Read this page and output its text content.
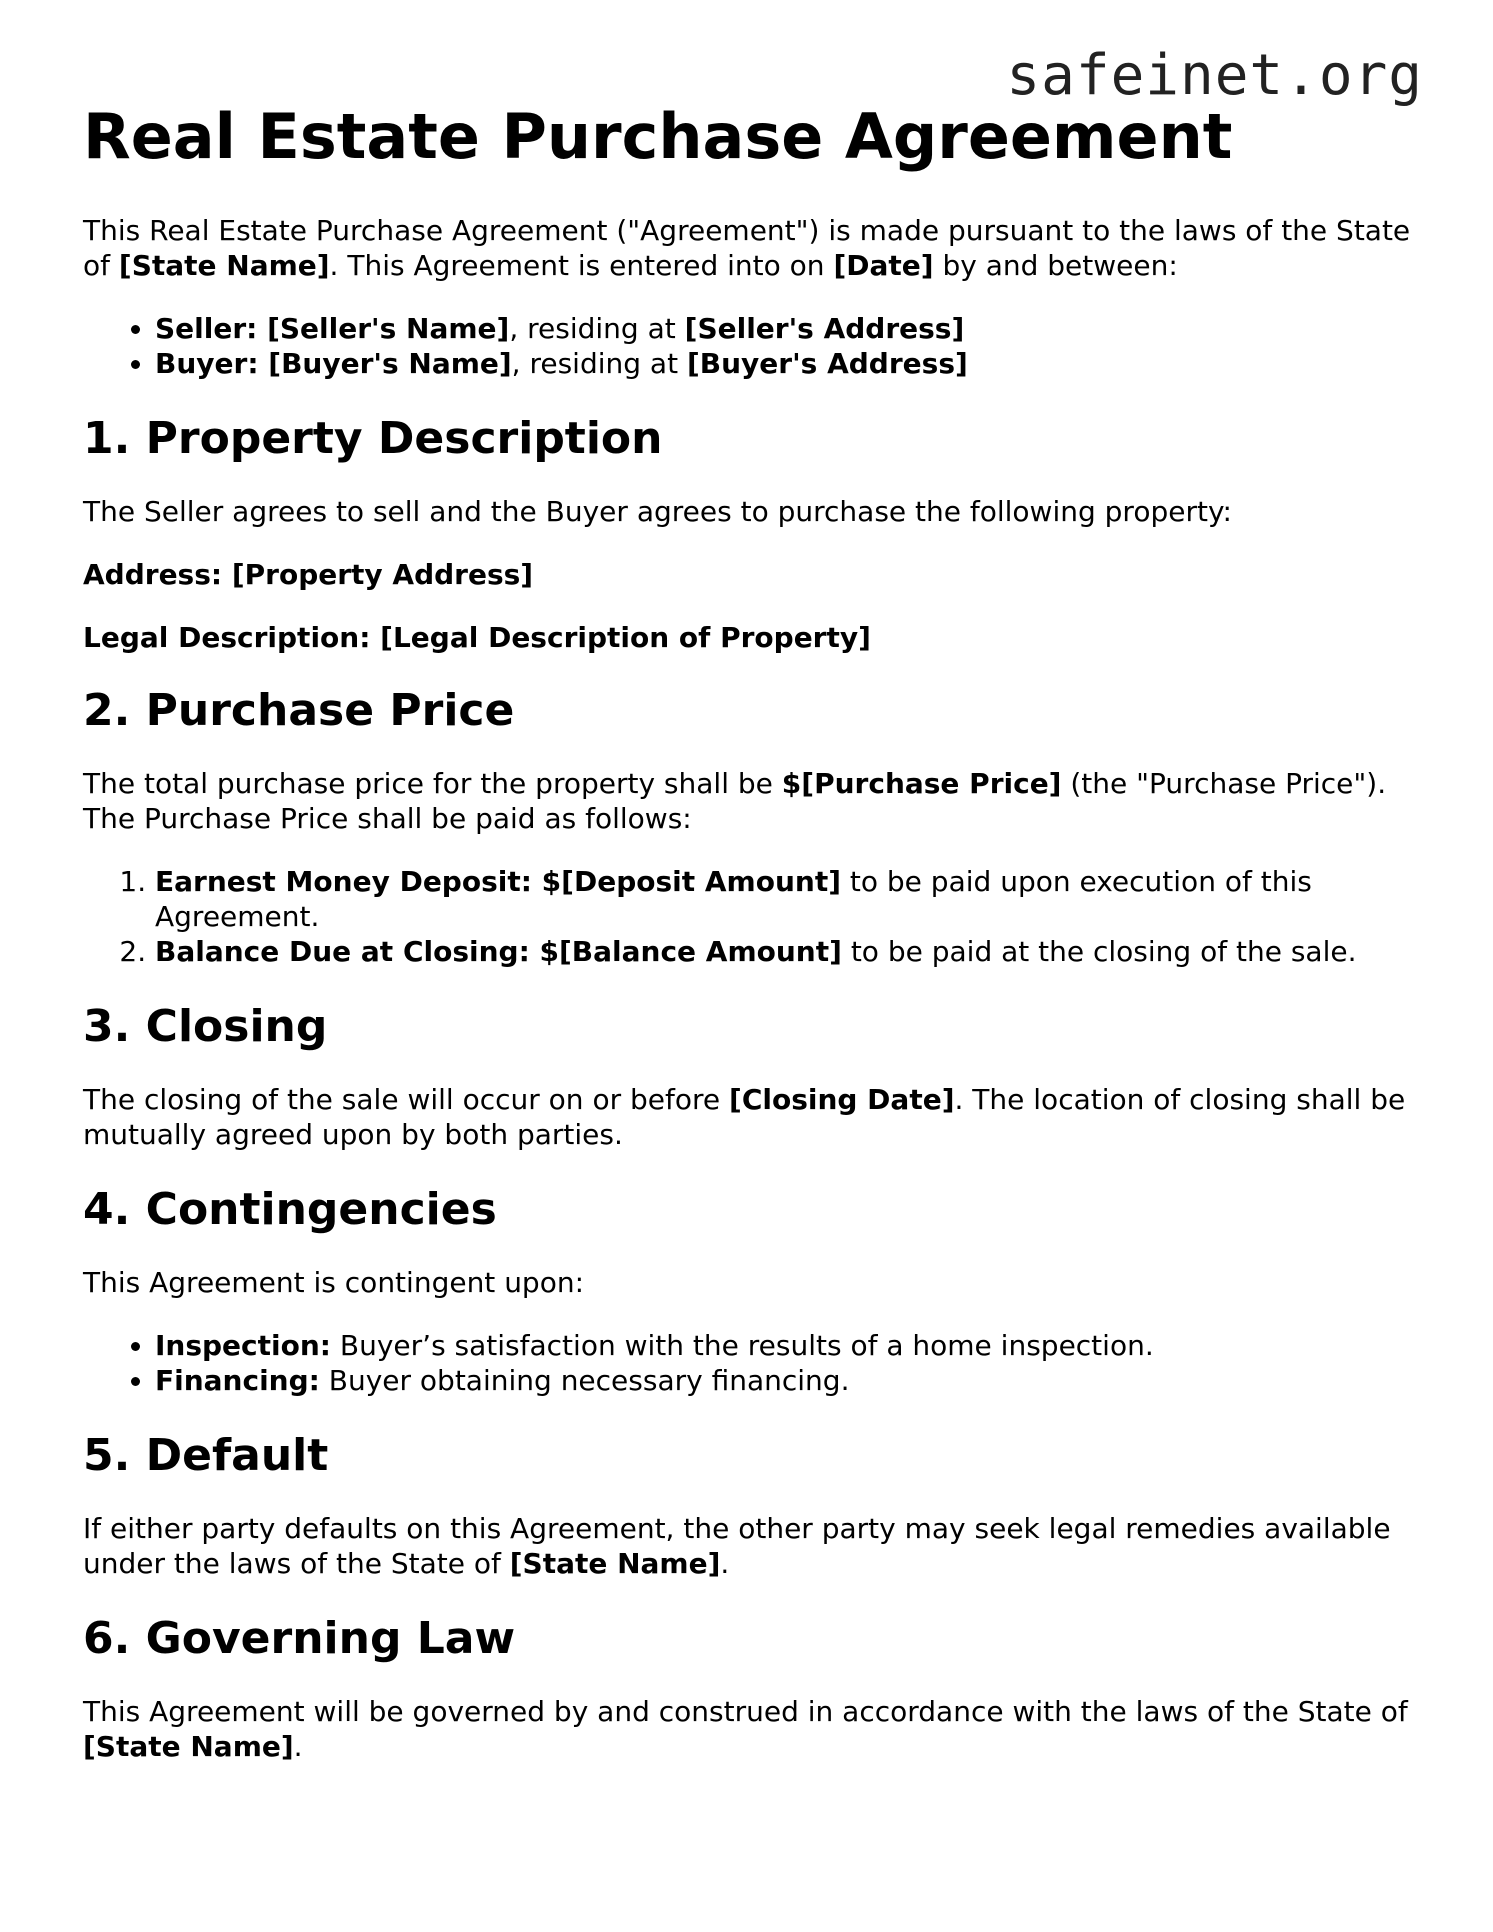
safeinet.org
Real Estate Purchase Agreement

This Real Estate Purchase Agreement ("Agreement") is made pursuant to the laws of the State of [State Name]. This Agreement is entered into on [Date] by and between:

• Seller: [Seller's Name], residing at [Seller's Address]
• Buyer: [Buyer's Name], residing at [Buyer's Address]
1. Property Description

The Seller agrees to sell and the Buyer agrees to purchase the following property:

Address: [Property Address]

Legal Description: [Legal Description of Property]

2. Purchase Price

The total purchase price for the property shall be $[Purchase Price] (the "Purchase Price"). The Purchase Price shall be paid as follows:

1. Earnest Money Deposit: $[Deposit Amount] to be paid upon execution of this Agreement.
2. Balance Due at Closing: $[Balance Amount] to be paid at the closing of the sale.
3. Closing

The closing of the sale will occur on or before [Closing Date]. The location of closing shall be mutually agreed upon by both parties.

4. Contingencies

This Agreement is contingent upon:

• Inspection: Buyer’s satisfaction with the results of a home inspection.
• Financing: Buyer obtaining necessary financing.
5. Default

If either party defaults on this Agreement, the other party may seek legal remedies available under the laws of the State of [State Name].

6. Governing Law

This Agreement will be governed by and construed in accordance with the laws of the State of [State Name].
